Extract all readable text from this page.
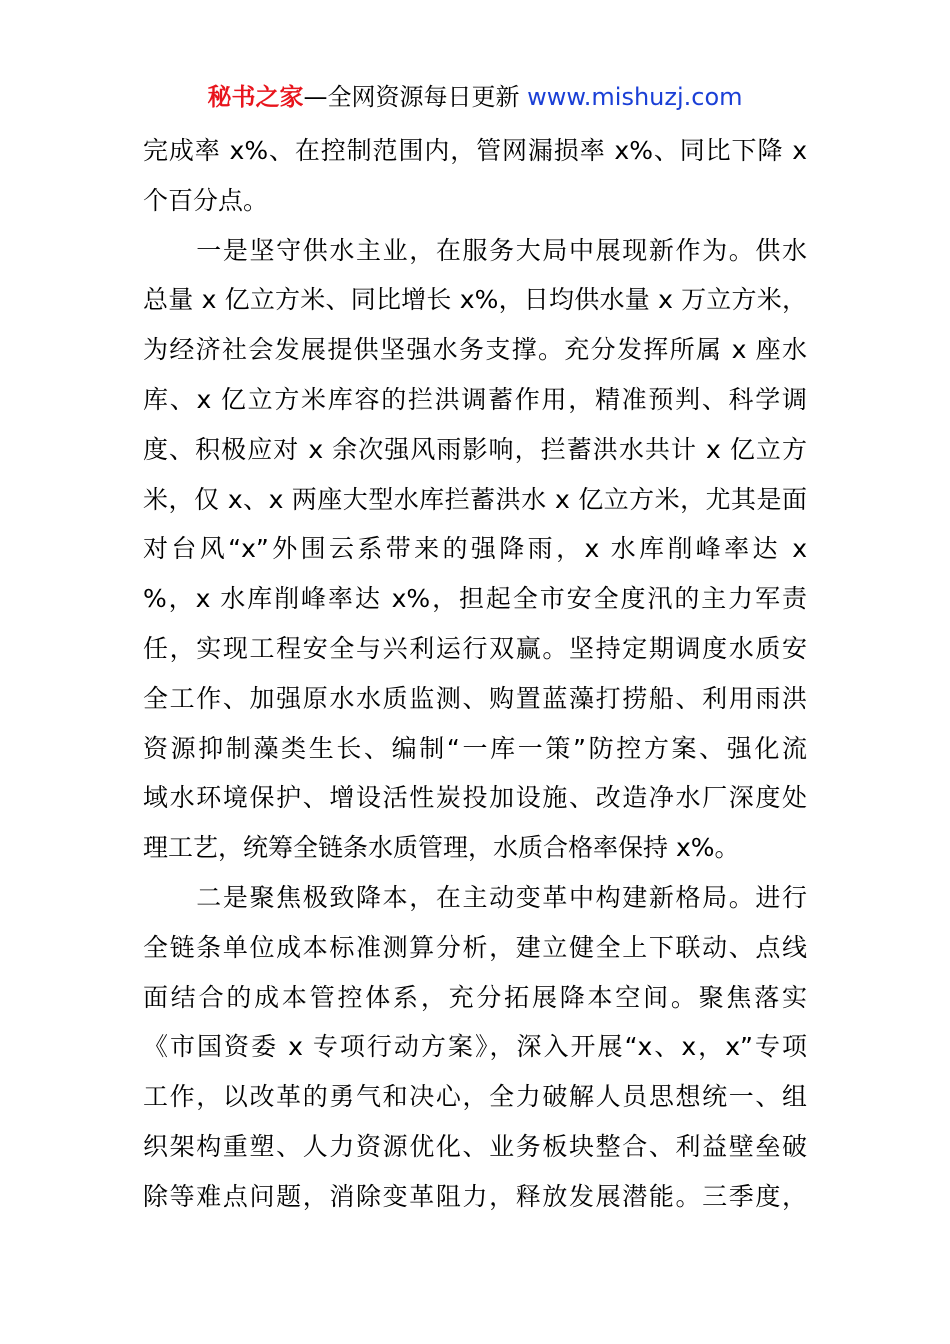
秘书之家—全网资源每日更新 www.mishuzj.com
完成率 x%、在控制范围内，管网漏损率 x%、同比下降 x
个百分点。
　　一是坚守供水主业，在服务大局中展现新作为。供水
总量 x 亿立方米、同比增长 x%，日均供水量 x 万立方米，
为经济社会发展提供坚强水务支撑。充分发挥所属 x 座水
库、x 亿立方米库容的拦洪调蓄作用，精准预判、科学调
度、积极应对 x 余次强风雨影响，拦蓄洪水共计 x 亿立方
米，仅 x、x 两座大型水库拦蓄洪水 x 亿立方米，尤其是面
对台风“x”外围云系带来的强降雨，x 水库削峰率达 x
%，x 水库削峰率达 x%，担起全市安全度汛的主力军责
任，实现工程安全与兴利运行双赢。坚持定期调度水质安
全工作、加强原水水质监测、购置蓝藻打捞船、利用雨洪
资源抑制藻类生长、编制“一库一策”防控方案、强化流
域水环境保护、增设活性炭投加设施、改造净水厂深度处
理工艺，统筹全链条水质管理，水质合格率保持 x%。
　　二是聚焦极致降本，在主动变革中构建新格局。进行
全链条单位成本标准测算分析，建立健全上下联动、点线
面结合的成本管控体系，充分拓展降本空间。聚焦落实
《市国资委 x 专项行动方案》，深入开展“x、x，x”专项
工作，以改革的勇气和决心，全力破解人员思想统一、组
织架构重塑、人力资源优化、业务板块整合、利益壁垒破
除等难点问题，消除变革阻力，释放发展潜能。三季度，
